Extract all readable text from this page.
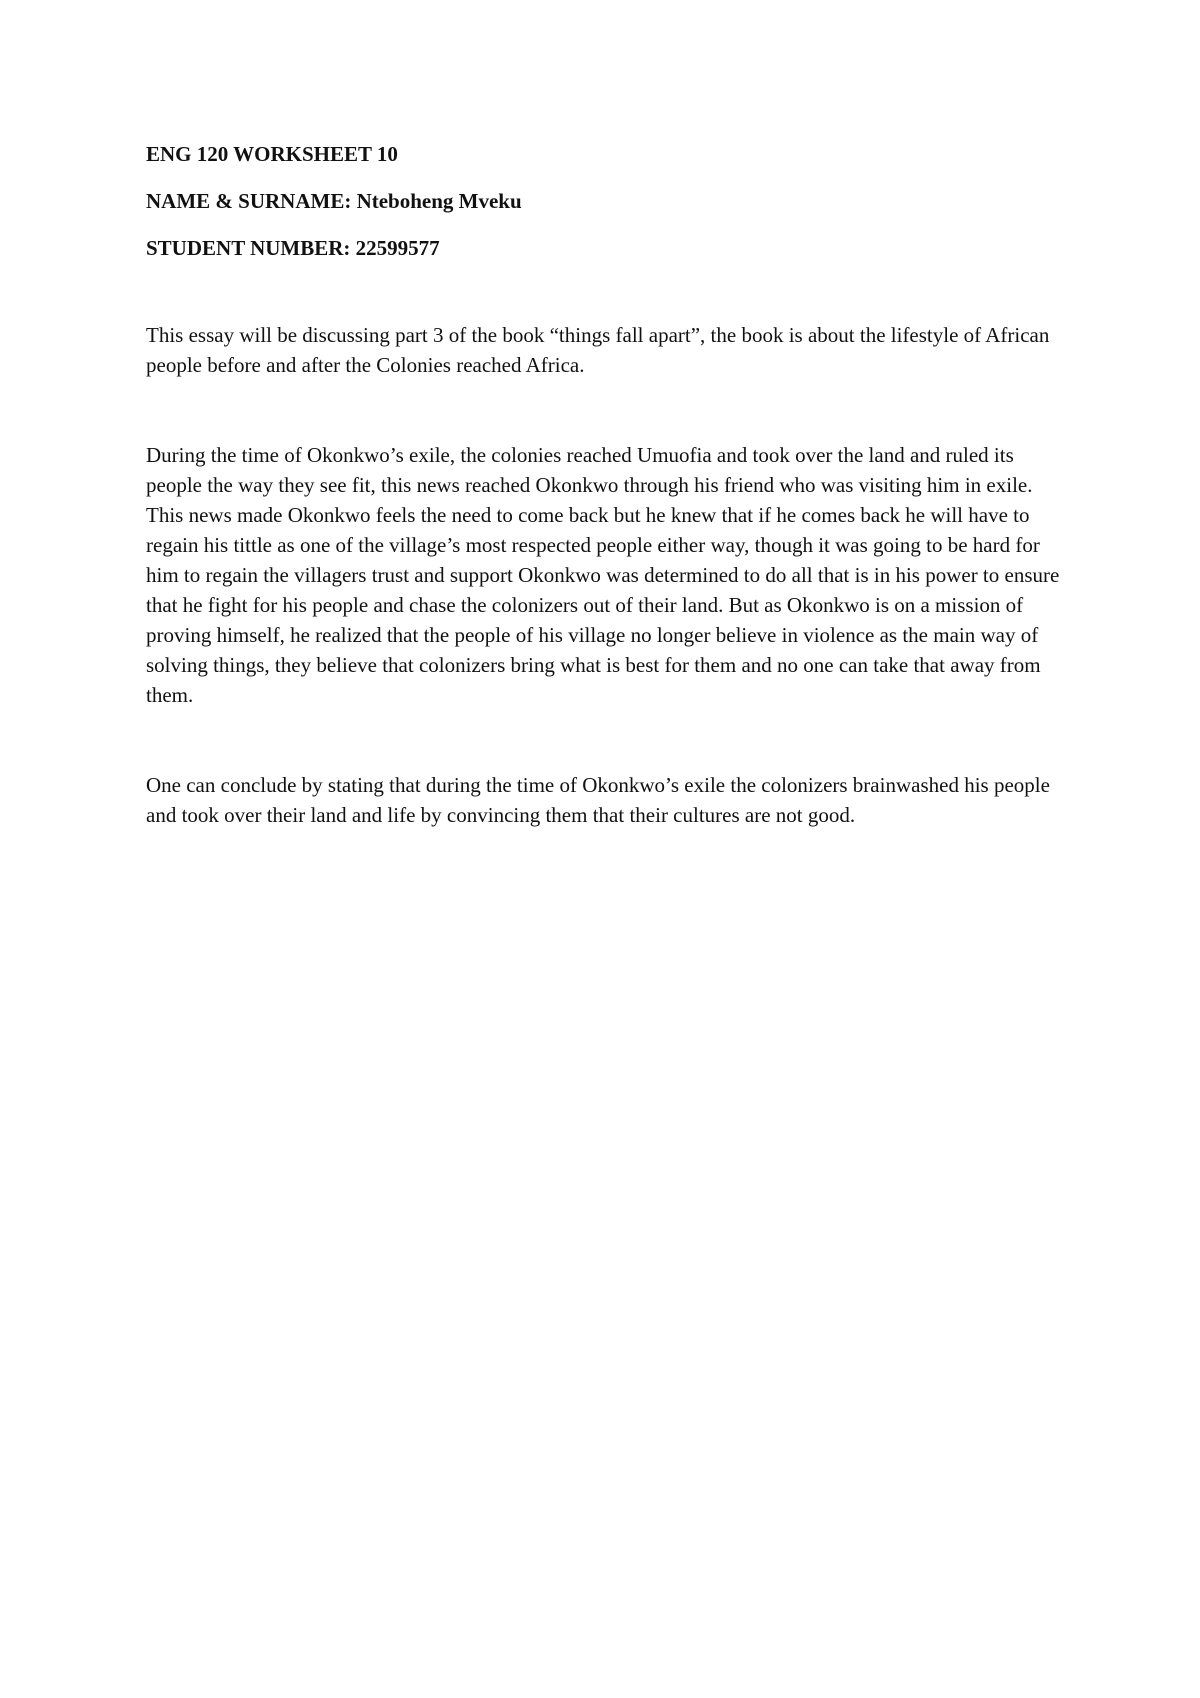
ENG 120 WORKSHEET 10

NAME & SURNAME: Nteboheng Mveku

STUDENT NUMBER: 22599577

This essay will be discussing part 3 of the book “things fall apart”, the book is about the lifestyle of African people before and after the Colonies reached Africa.

During the time of Okonkwo’s exile, the colonies reached Umuofia and took over the land and ruled its people the way they see fit, this news reached Okonkwo through his friend who was visiting him in exile. This news made Okonkwo feels the need to come back but he knew that if he comes back he will have to regain his tittle as one of the village’s most respected people either way, though it was going to be hard for him to regain the villagers trust and support Okonkwo was determined to do all that is in his power to ensure that he fight for his people and chase the colonizers out of their land. But as Okonkwo is on a mission of proving himself, he realized that the people of his village no longer believe in violence as the main way of solving things, they believe that colonizers bring what is best for them and no one can take that away from them.

One can conclude by stating that during the time of Okonkwo’s exile the colonizers brainwashed his people and took over their land and life by convincing them that their cultures are not good.
